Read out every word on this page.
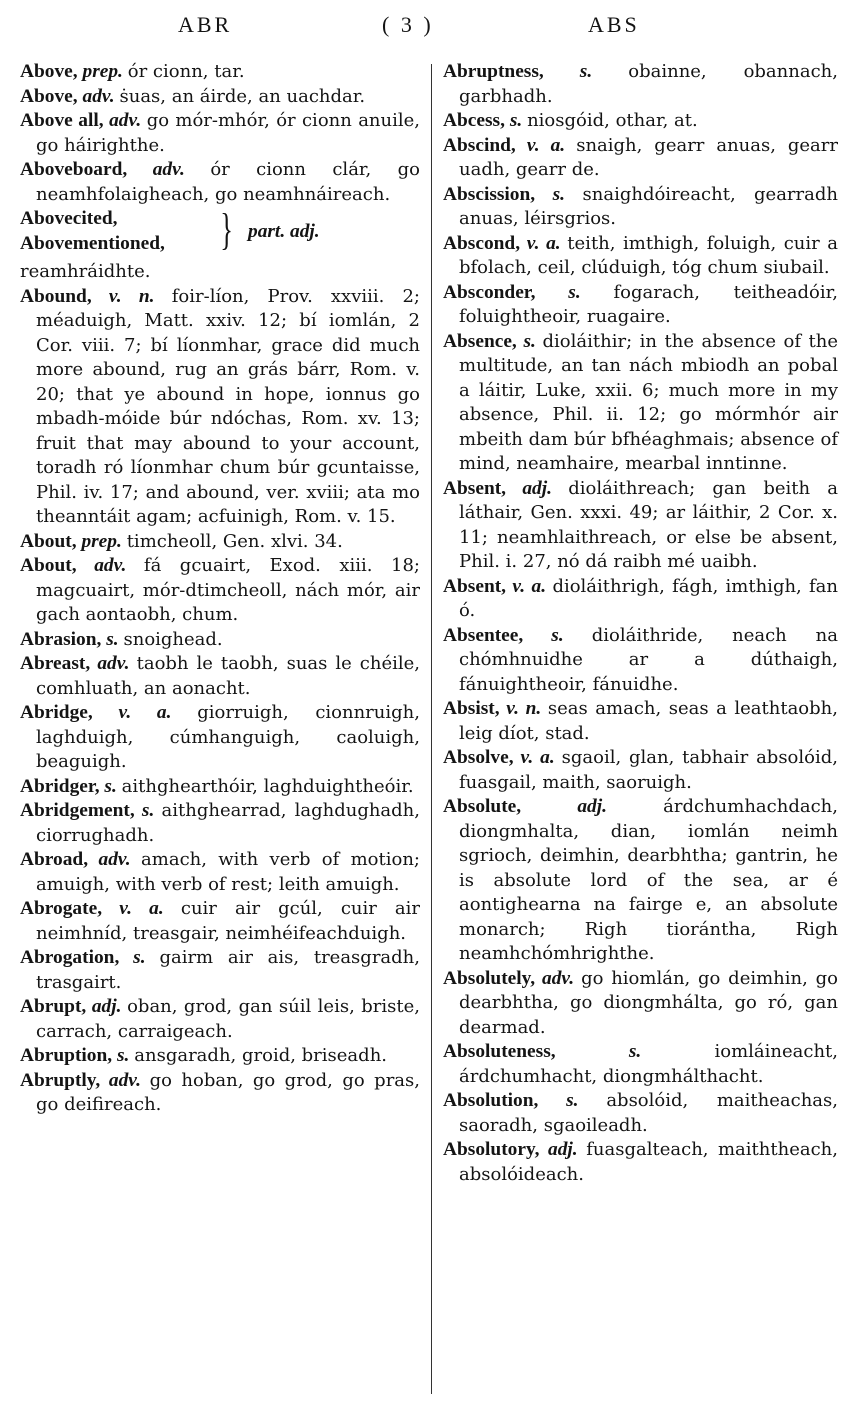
ABR	( 3 )	ABS
Above, prep. ór cionn, tar.
Above, adv. ṡuas, an áirde, an uachdar.
Above all, adv. go mór-mhór, ór cionn anuile, go háirighthe.
Aboveboard, adv. ór cionn clár, go neamhfolaigheach, go neamhnáireach.
Abovecited,
Abovementioned, } part. adj.
reamhráidhte.
Abound, v. n. foir-líon, Prov. xxviii. 2; méaduigh, Matt. xxiv. 12; bí iomlán, 2 Cor. viii. 7; bí líonmhar, grace did much more abound, rug an grás bárr, Rom. v. 20; that ye abound in hope, ionnus go mbadh-móide búr ndóchas, Rom. xv. 13; fruit that may abound to your account, toradh ró líonmhar chum búr gcuntaisse, Phil. iv. 17; and abound, ver. xviii; ata mo theanntáit agam; acfuinigh, Rom. v. 15.
About, prep. timcheoll, Gen. xlvi. 34.
About, adv. fá gcuairt, Exod. xiii. 18; magcuairt, mór-dtimcheoll, nách mór, air gach aontaobh, chum.
Abrasion, s. snoighead.
Abreast, adv. taobh le taobh, suas le chéile, comhluath, an aonacht.
Abridge, v. a. giorruigh, cionnruigh, laghduigh, cúmhanguigh, caoluigh, beaguigh.
Abridger, s. aithghearthóir, laghduightheóir.
Abridgement, s. aithghearrad, laghdughadh, ciorrughadh.
Abroad, adv. amach, with verb of motion; amuigh, with verb of rest; leith amuigh.
Abrogate, v. a. cuir air gcúl, cuir air neimhníd, treasgair, neimhéifeachduigh.
Abrogation, s. gairm air ais, treasgradh, trasgairt.
Abrupt, adj. oban, grod, gan súil leis, briste, carrach, carraigeach.
Abruption, s. ansgaradh, groid, briseadh.
Abruptly, adv. go hoban, go grod, go pras, go deifireach.
Abruptness, s. obainne, obannach, garbhadh.
Abcess, s. niosgóid, othar, at.
Abscind, v. a. snaigh, gearr anuas, gearr uadh, gearr de.
Abscission, s. snaighdóireacht, gearradh anuas, léirsgrios.
Abscond, v. a. teith, imthigh, foluigh, cuir a bfolach, ceil, clúduigh, tóg chum siubail.
Absconder, s. fogarach, teitheadóir, foluightheoir, ruagaire.
Absence, s. dioláithir; in the absence of the multitude, an tan nách mbiodh an pobal a láitir, Luke, xxii. 6; much more in my absence, Phil. ii. 12; go mórmhór air mbeith dam búr bfhéaghmais; absence of mind, neamhaire, mearbal inntinne.
Absent, adj. dioláithreach; gan beith a láthair, Gen. xxxi. 49; ar láithir, 2 Cor. x. 11; neamhlaithreach, or else be absent, Phil. i. 27, nó dá raibh mé uaibh.
Absent, v. a. dioláithrigh, fágh, imthigh, fan ó.
Absentee, s. dioláithride, neach na chómhnuidhe ar a dúthaigh, fánuightheoir, fánuidhe.
Absist, v. n. seas amach, seas a leathtaobh, leig díot, stad.
Absolve, v. a. sgaoil, glan, tabhair absolóid, fuasgail, maith, saoruigh.
Absolute,	adj.	árdchumhachdach, diongmhalta, dian, iomlán neimh sgrioch, deimhin, dearbhtha; gantrin, he is absolute lord of the sea, ar é aontighearna na fairge e, an absolute monarch; Righ tiorántha, Righ neamhchómhrighthe.
Absolutely, adv. go hiomlán, go deimhin, go dearbhtha, go diongmhálta, go ró, gan dearmad.
Absoluteness,	s.	iomláineacht, árdchumhacht, diongmhálthacht.
Absolution, s. absolóid, maitheachas, saoradh, sgaoileadh.
Absolutory, adj. fuasgalteach, maiththeach, absolóideach.
